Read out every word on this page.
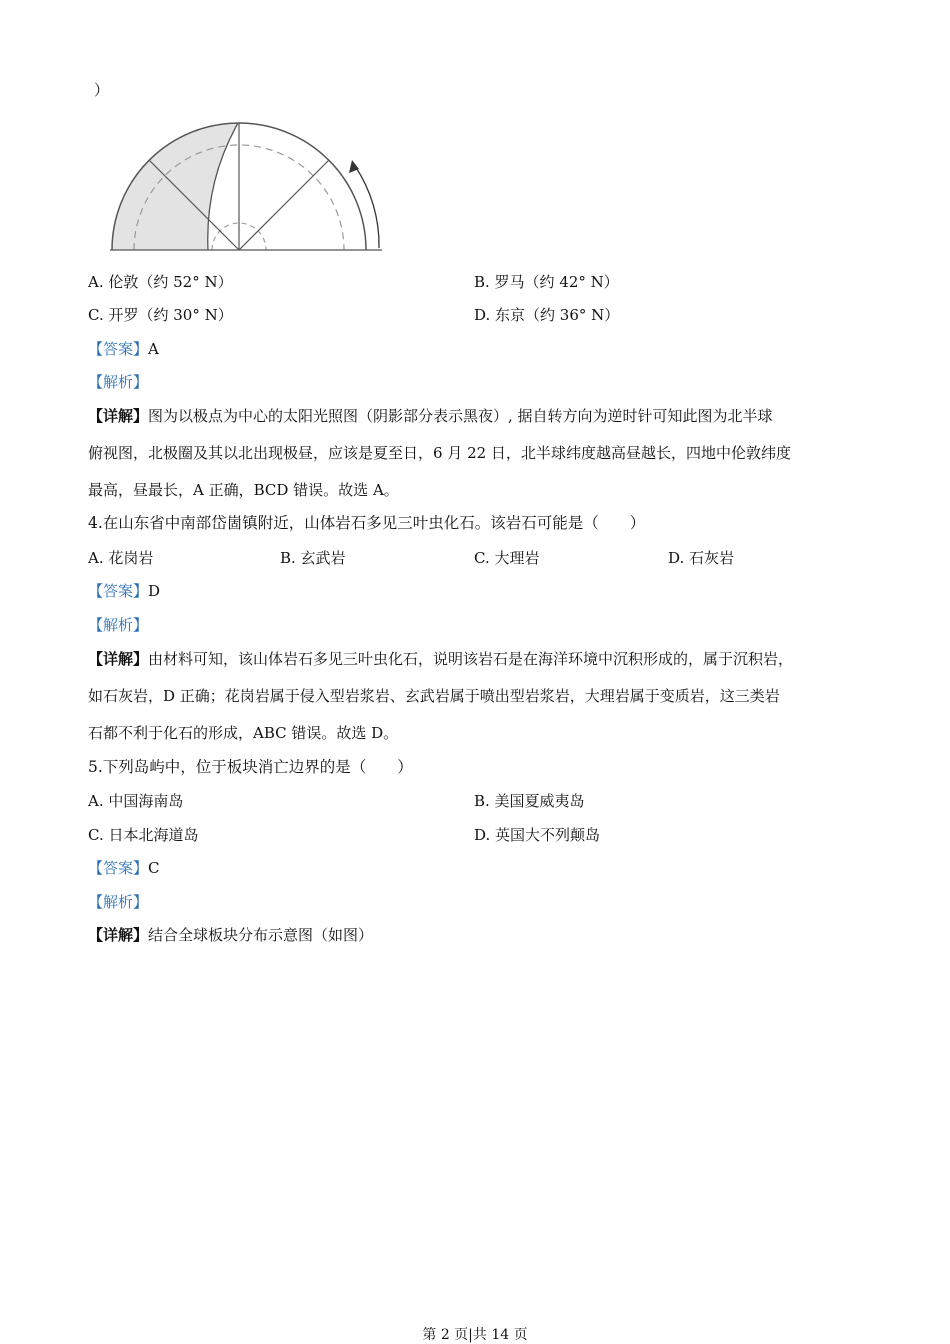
）
A. 伦敦（约 52° N）	B. 罗马（约 42° N）
C. 开罗（约 30° N）	D. 东京（约 36° N）
【答案】A
【解析】
【详解】图为以极点为中心的太阳光照图（阴影部分表示黑夜）, 据自转方向为逆时针可知此图为北半球
俯视图，北极圈及其以北出现极昼，应该是夏至日，6 月 22 日，北半球纬度越高昼越长，四地中伦敦纬度
最高，昼最长，A 正确，BCD 错误。故选 A。
4.在山东省中南部岱崮镇附近，山体岩石多见三叶虫化石。该岩石可能是（　　）
A. 花岗岩	B. 玄武岩	C. 大理岩	D. 石灰岩
【答案】D
【解析】
【详解】由材料可知，该山体岩石多见三叶虫化石，说明该岩石是在海洋环境中沉积形成的，属于沉积岩，
如石灰岩，D 正确；花岗岩属于侵入型岩浆岩、玄武岩属于喷出型岩浆岩，大理岩属于变质岩，这三类岩
石都不利于化石的形成，ABC 错误。故选 D。
5.下列岛屿中，位于板块消亡边界的是（　　）
A. 中国海南岛	B. 美国夏威夷岛
C. 日本北海道岛	D. 英国大不列颠岛
【答案】C
【解析】
【详解】结合全球板块分布示意图（如图）
第 2 页|共 14 页
